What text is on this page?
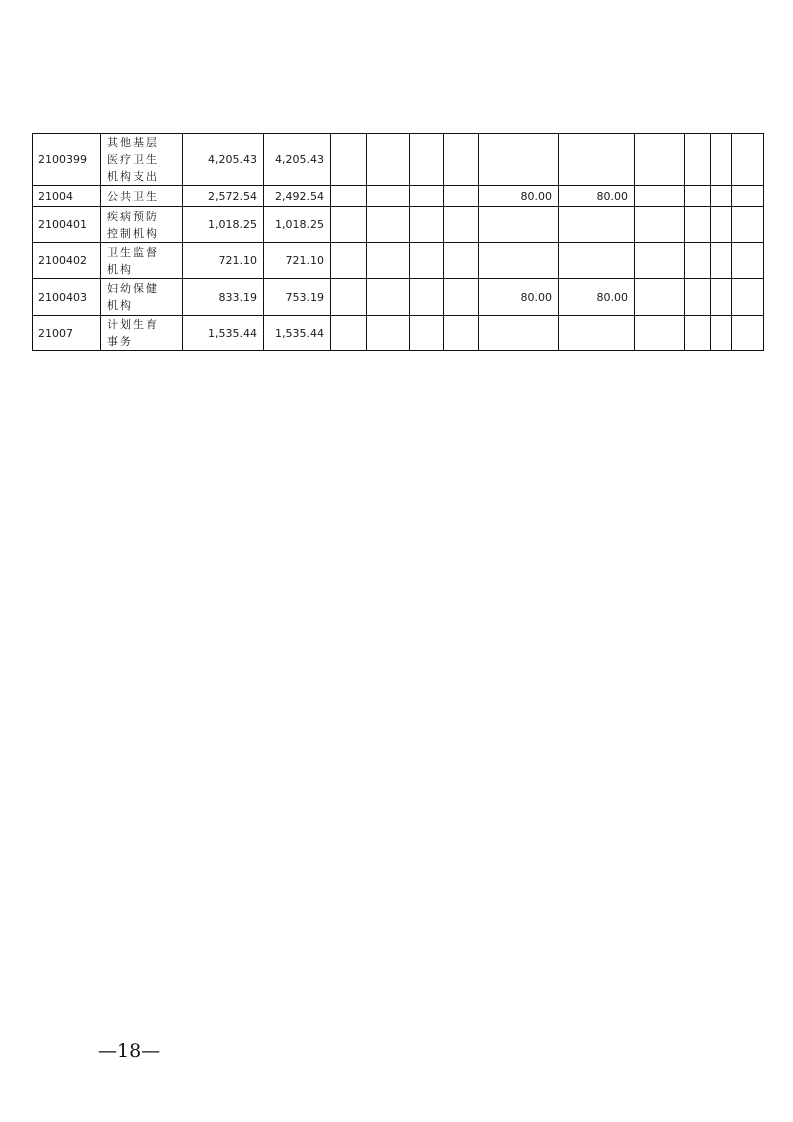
2100399	其他基层医疗卫生机构支出	4,205.43	4,205.43										
21004	公共卫生	2,572.54	2,492.54					80.00	80.00				
2100401	疾病预防控制机构	1,018.25	1,018.25										
2100402	卫生监督机构	721.10	721.10										
2100403	妇幼保健机构	833.19	753.19					80.00	80.00				
21007	计划生育事务	1,535.44	1,535.44										
—18—
